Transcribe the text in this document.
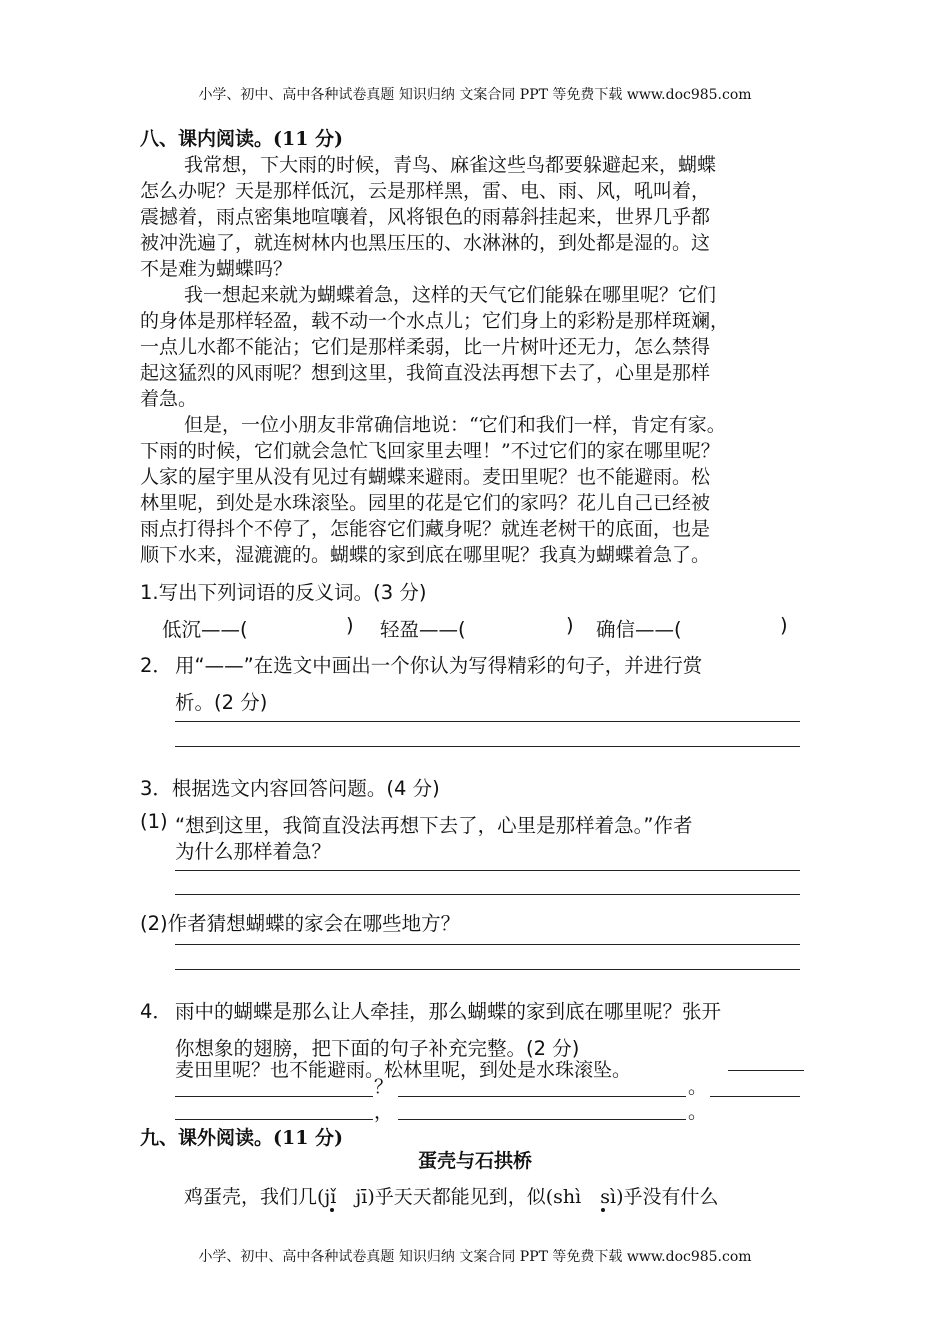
小学、初中、高中各种试卷真题 知识归纳 文案合同 PPT 等免费下载 www.doc985.com
八、课内阅读。(11 分)
我常想，下大雨的时候，青鸟、麻雀这些鸟都要躲避起来，蝴蝶
怎么办呢？天是那样低沉，云是那样黑，雷、电、雨、风，吼叫着，
震撼着，雨点密集地喧嚷着，风将银色的雨幕斜挂起来，世界几乎都
被冲洗遍了，就连树林内也黑压压的、水淋淋的，到处都是湿的。这
不是难为蝴蝶吗？
我一想起来就为蝴蝶着急，这样的天气它们能躲在哪里呢？它们
的身体是那样轻盈，载不动一个水点儿；它们身上的彩粉是那样斑斓，
一点儿水都不能沾；它们是那样柔弱，比一片树叶还无力，怎么禁得
起这猛烈的风雨呢？想到这里，我简直没法再想下去了，心里是那样
着急。
但是，一位小朋友非常确信地说：“它们和我们一样，肯定有家。
下雨的时候，它们就会急忙飞回家里去哩！”不过它们的家在哪里呢？
人家的屋宇里从没有见过有蝴蝶来避雨。麦田里呢？也不能避雨。松
林里呢，到处是水珠滚坠。园里的花是它们的家吗？花儿自己已经被
雨点打得抖个不停了，怎能容它们藏身呢？就连老树干的底面，也是
顺下水来，湿漉漉的。蝴蝶的家到底在哪里呢？我真为蝴蝶着急了。
1.写出下列词语的反义词。(3 分)
低沉——(	) 轻盈——(	) 确信——(	)
2． 用“——”在选文中画出一个你认为写得精彩的句子，并进行赏
析。(2 分)
3．根据选文内容回答问题。(4 分)
(1) “想到这里，我简直没法再想下去了，心里是那样着急。”作者
为什么那样着急？
(2)作者猜想蝴蝶的家会在哪些地方？
4． 雨中的蝴蝶是那么让人牵挂，那么蝴蝶的家到底在哪里呢？张开
你想象的翅膀，把下面的句子补充完整。(2 分)
麦田里呢？也不能避雨。松林里呢，到处是水珠滚坠。
？	。
，	。
九、课外阅读。(11 分)
蛋壳与石拱桥
鸡蛋壳，我们几(jǐ　jī)乎天天都能见到，似(shì　sì)乎没有什么
小学、初中、高中各种试卷真题 知识归纳 文案合同 PPT 等免费下载 www.doc985.com
